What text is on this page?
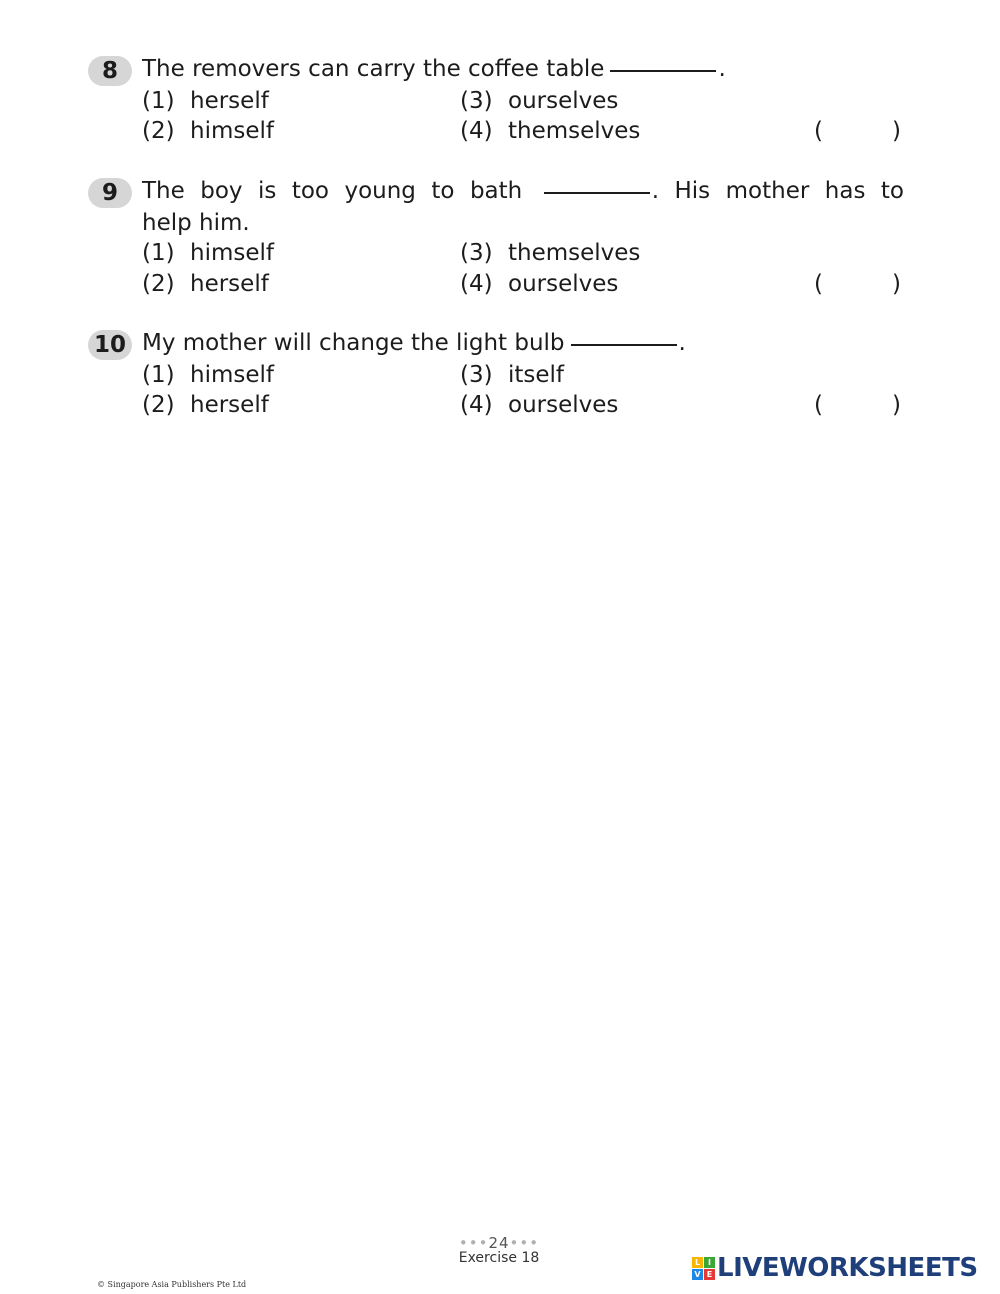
8	The removers can carry the coffee table	.
(1) herself	(3) ourselves
(2) himself	(4) themselves	(	)
9	The boy is too young to bath	. His mother has to
help him.
(1) himself	(3) themselves
(2) herself	(4) ourselves	(	)
10 My mother will change the light bulb	.
(1) himself	(3) itself
(2) herself	(4) ourselves	(	)
•••24•••
Exercise 18
© Singapore Asia Publishers Pte Ltd
L I
V E LIVEWORKSHEETS
